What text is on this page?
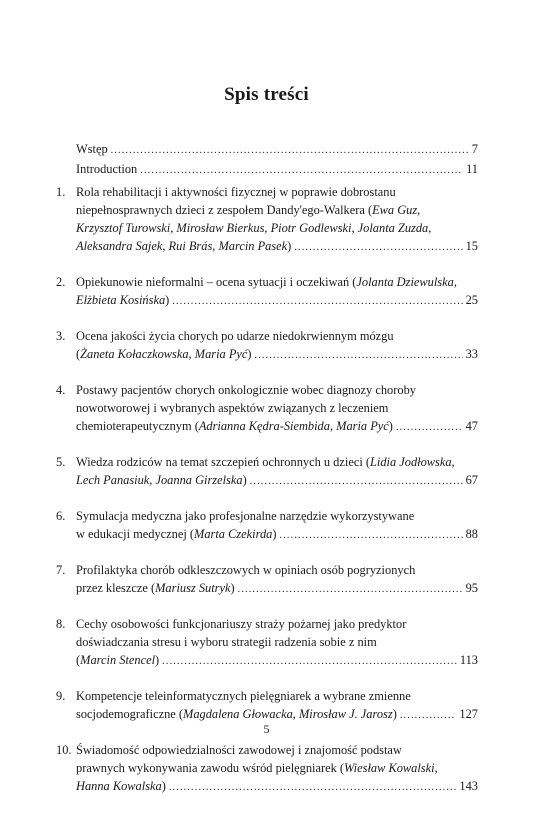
Spis treści
Wstęp .....	7
Introduction .....	11
1. Rola rehabilitacji i aktywności fizycznej w poprawie dobrostanu
niepełnosprawnych dzieci z zespołem Dandy'ego-Walkera (Ewa Guz,
Krzysztof Turowski, Mirosław Bierkus, Piotr Godlewski, Jolanta Zuzda,
Aleksandra Sajek, Rui Brás, Marcin Pasek) .....	15
2. Opiekunowie nieformalni – ocena sytuacji i oczekiwań (Jolanta Dziewulska,
Elżbieta Kosińska) .....	25
3. Ocena jakości życia chorych po udarze niedokrwiennym mózgu
(Żaneta Kołaczkowska, Maria Pyć) .....	33
4. Postawy pacjentów chorych onkologicznie wobec diagnozy choroby
nowotworowej i wybranych aspektów związanych z leczeniem
chemioterapeutycznym (Adrianna Kędra-Siembida, Maria Pyć) .....	47
5. Wiedza rodziców na temat szczepień ochronnych u dzieci (Lidia Jodłowska,
Lech Panasiuk, Joanna Girzelska) .....	67
6. Symulacja medyczna jako profesjonalne narzędzie wykorzystywane
w edukacji medycznej (Marta Czekirda) .....	88
7. Profilaktyka chorób odkleszczowych w opiniach osób pogryzionych
przez kleszcze (Mariusz Sutryk) .....	95
8. Cechy osobowości funkcjonariuszy straży pożarnej jako predyktor
doświadczania stresu i wyboru strategii radzenia sobie z nim
(Marcin Stencel) .....	113
9. Kompetencje teleinformatycznych pielęgniarek a wybrane zmienne
socjodemograficzne (Magdalena Głowacka, Mirosław J. Jarosz) .....	127
10. Świadomość odpowiedzialności zawodowej i znajomość podstaw
prawnych wykonywania zawodu wśród pielęgniarek (Wiesław Kowalski,
Hanna Kowalska) .....	143
5
